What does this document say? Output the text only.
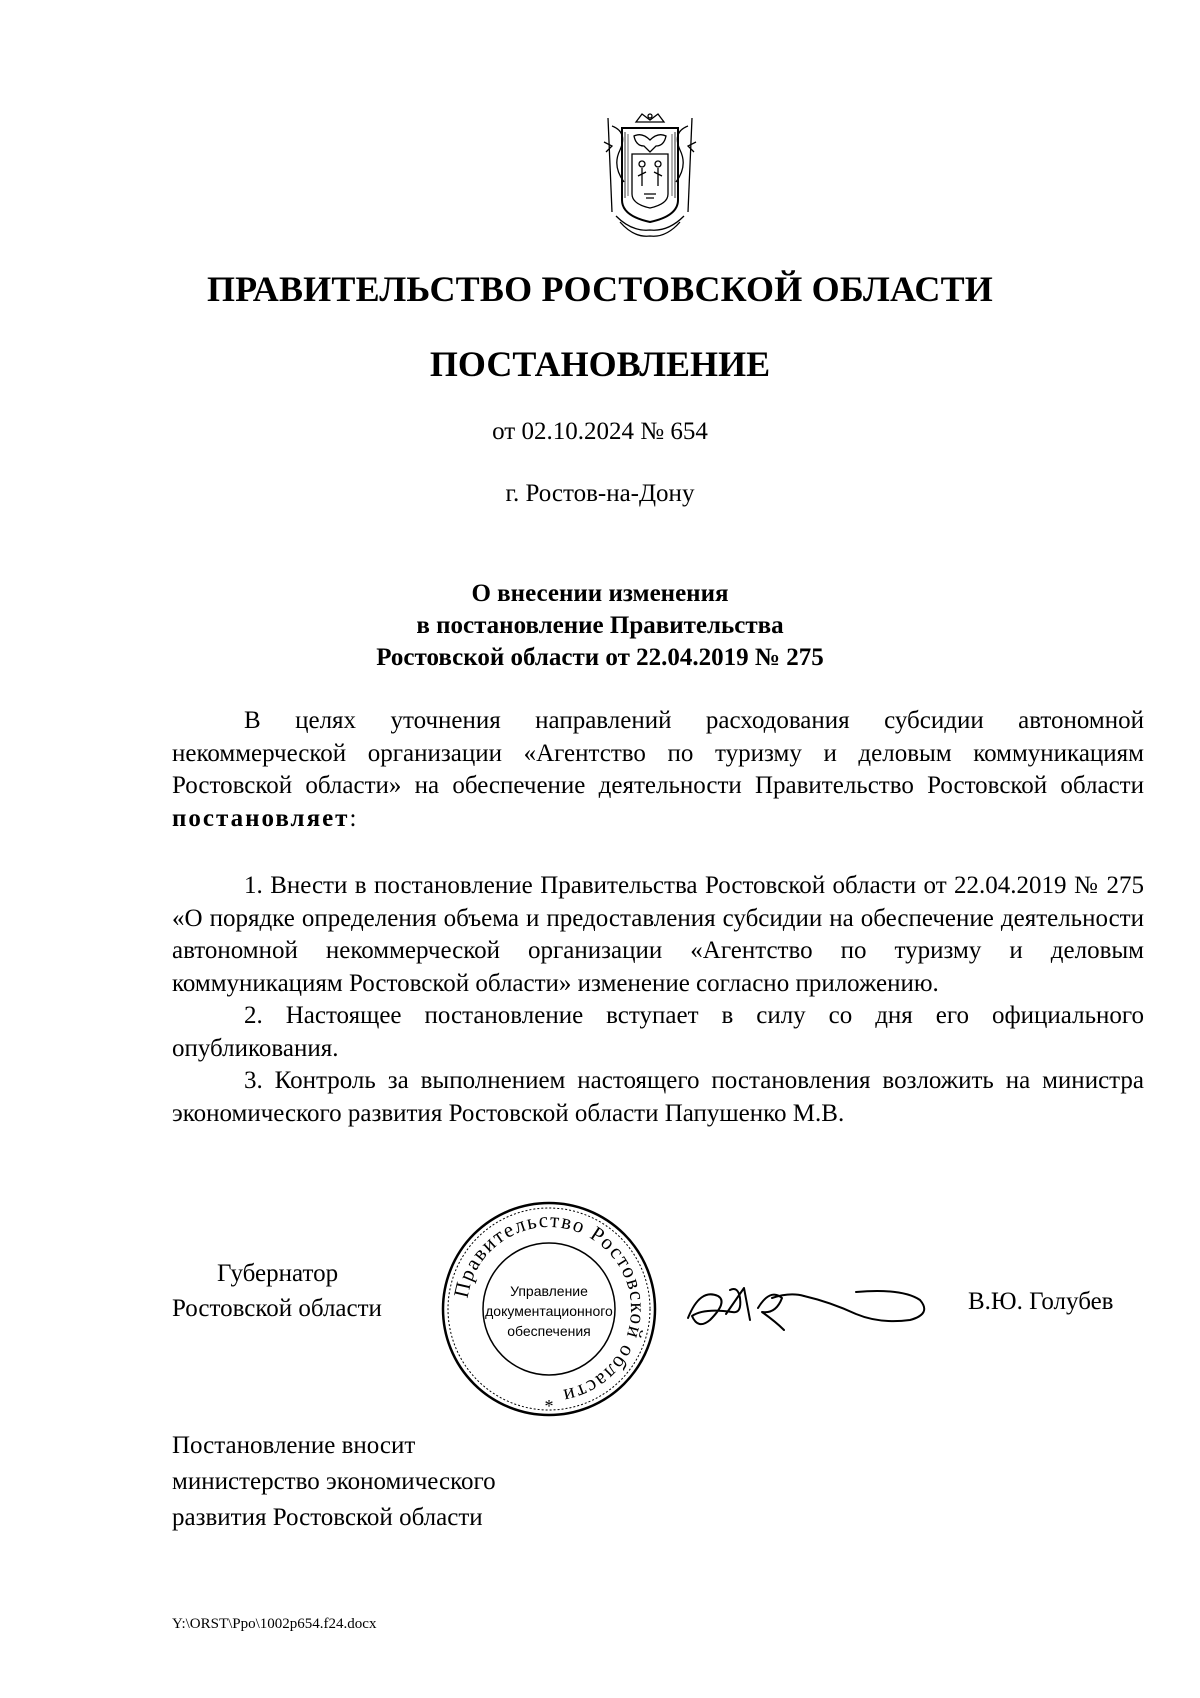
ПРАВИТЕЛЬСТВО РОСТОВСКОЙ ОБЛАСТИ
ПОСТАНОВЛЕНИЕ
от 02.10.2024 № 654
г. Ростов-на-Дону
О внесении изменения
в постановление Правительства
Ростовской области от 22.04.2019 № 275

В целях уточнения направлений расходования субсидии автономной некоммерческой организации «Агентство по туризму и деловым коммуникациям Ростовской области» на обеспечение деятельности Правительство Ростовской области постановляет:

1. Внести в постановление Правительства Ростовской области от 22.04.2019 № 275 «О порядке определения объема и предоставления субсидии на обеспечение деятельности автономной некоммерческой организации «Агентство по туризму и деловым коммуникациям Ростовской области» изменение согласно приложению.

2. Настоящее постановление вступает в силу со дня его официального опубликования.

3. Контроль за выполнением настоящего постановления возложить на министра экономического развития Ростовской области Папушенко М.В.

Губернатор
Ростовской области
Правительство Ростовской области
Управление
документационного
обеспечения
*
В.Ю. Голубев
Постановление вносит
министерство экономического
развития Ростовской области
Y:\ORST\Ppo\1002p654.f24.docx
